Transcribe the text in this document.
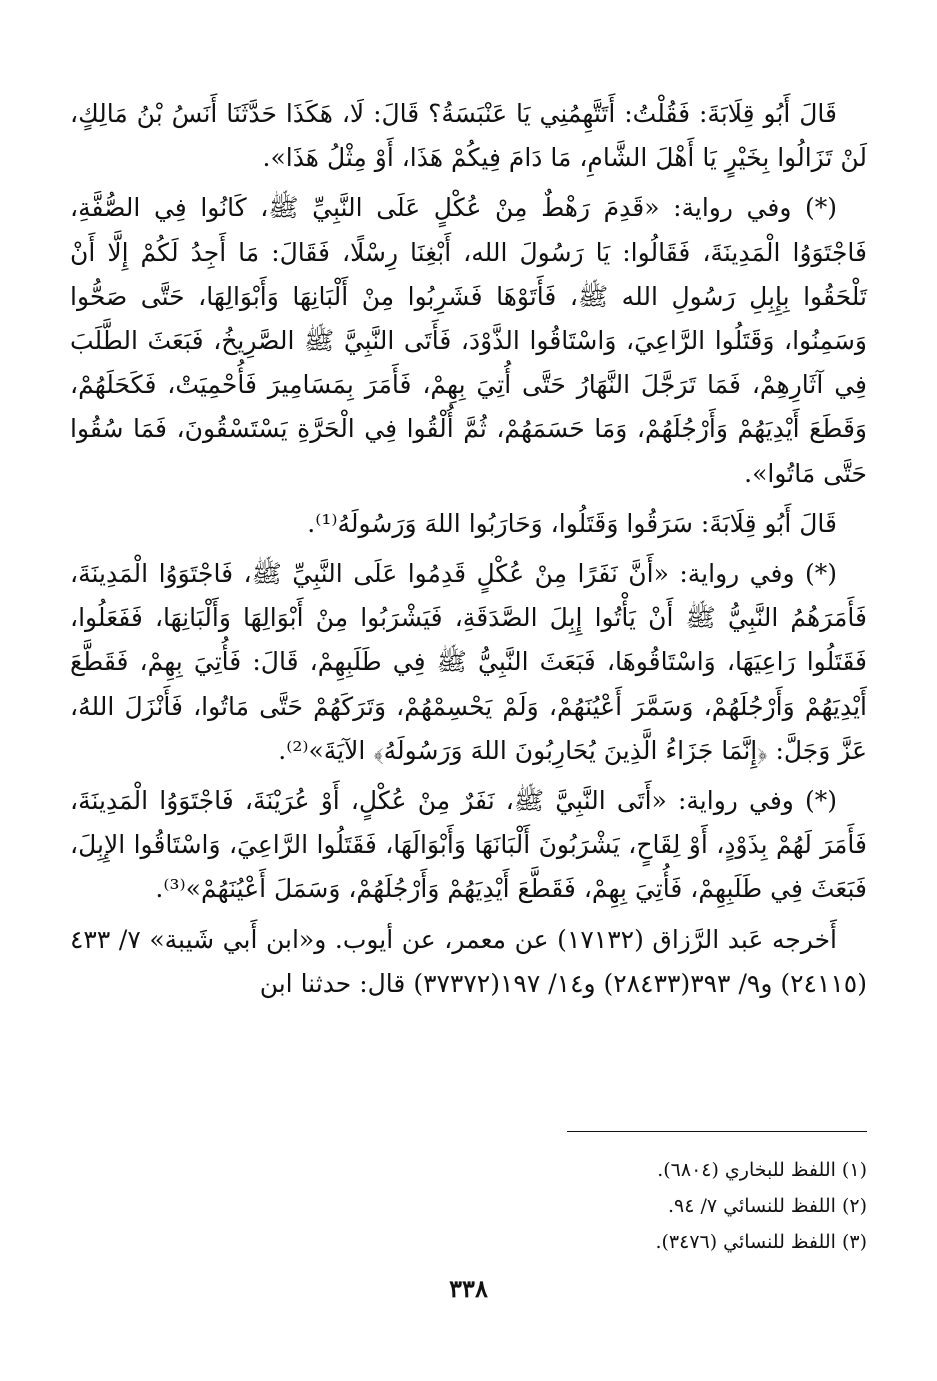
قَالَ أَبُو قِلَابَةَ: فَقُلْتُ: أَتَتَّهِمُنِي يَا عَنْبَسَةُ؟ قَالَ: لَا، هَكَذَا حَدَّثَنَا أَنَسُ بْنُ مَالِكٍ، لَنْ تَزَالُوا بِخَيْرٍ يَا أَهْلَ الشَّامِ، مَا دَامَ فِيكُمْ هَذَا، أَوْ مِثْلُ هَذَا».

(*) وفي رواية: «قَدِمَ رَهْطٌ مِنْ عُكْلٍ عَلَى النَّبِيِّ ﷺ، كَانُوا فِي الصُّفَّةِ، فَاجْتَوَوُا الْمَدِينَةَ، فَقَالُوا: يَا رَسُولَ الله، أَبْغِنَا رِسْلًا، فَقَالَ: مَا أَجِدُ لَكُمْ إِلَّا أَنْ تَلْحَقُوا بِإِبِلِ رَسُولِ الله ﷺ، فَأَتَوْهَا فَشَرِبُوا مِنْ أَلْبَانِهَا وَأَبْوَالِهَا، حَتَّى صَحُّوا وَسَمِنُوا، وَقَتَلُوا الرَّاعِيَ، وَاسْتَاقُوا الذَّوْدَ، فَأَتَى النَّبِيَّ ﷺ الصَّرِيخُ، فَبَعَثَ الطَّلَبَ فِي آثَارِهِمْ، فَمَا تَرَجَّلَ النَّهَارُ حَتَّى أُتِيَ بِهِمْ، فَأَمَرَ بِمَسَامِيرَ فَأُحْمِيَتْ، فَكَحَلَهُمْ، وَقَطَعَ أَيْدِيَهُمْ وَأَرْجُلَهُمْ، وَمَا حَسَمَهُمْ، ثُمَّ أُلْقُوا فِي الْحَرَّةِ يَسْتَسْقُونَ، فَمَا سُقُوا حَتَّى مَاتُوا».

قَالَ أَبُو قِلَابَةَ: سَرَقُوا وَقَتَلُوا، وَحَارَبُوا اللهَ وَرَسُولَهُ⁽¹⁾.

(*) وفي رواية: «أَنَّ نَفَرًا مِنْ عُكْلٍ قَدِمُوا عَلَى النَّبِيِّ ﷺ، فَاجْتَوَوُا الْمَدِينَةَ، فَأَمَرَهُمُ النَّبِيُّ ﷺ أَنْ يَأْتُوا إِبِلَ الصَّدَقَةِ، فَيَشْرَبُوا مِنْ أَبْوَالِهَا وَأَلْبَانِهَا، فَفَعَلُوا، فَقَتَلُوا رَاعِيَهَا، وَاسْتَاقُوهَا، فَبَعَثَ النَّبِيُّ ﷺ فِي طَلَبِهِمْ، قَالَ: فَأُتِيَ بِهِمْ، فَقَطَّعَ أَيْدِيَهُمْ وَأَرْجُلَهُمْ، وَسَمَّرَ أَعْيُنَهُمْ، وَلَمْ يَحْسِمْهُمْ، وَتَرَكَهُمْ حَتَّى مَاتُوا، فَأَنْزَلَ اللهُ، عَزَّ وَجَلَّ: ﴿إِنَّمَا جَزَاءُ الَّذِينَ يُحَارِبُونَ اللهَ وَرَسُولَهُ﴾ الآيَةَ»⁽²⁾.

(*) وفي رواية: «أَتَى النَّبِيَّ ﷺ، نَفَرٌ مِنْ عُكْلٍ، أَوْ عُرَيْنَةَ، فَاجْتَوَوُا الْمَدِينَةَ، فَأَمَرَ لَهُمْ بِذَوْدٍ، أَوْ لِقَاحٍ، يَشْرَبُونَ أَلْبَانَهَا وَأَبْوَالَهَا، فَقَتَلُوا الرَّاعِيَ، وَاسْتَاقُوا الإِبِلَ، فَبَعَثَ فِي طَلَبِهِمْ، فَأُتِيَ بِهِمْ، فَقَطَّعَ أَيْدِيَهُمْ وَأَرْجُلَهُمْ، وَسَمَلَ أَعْيُنَهُمْ»⁽³⁾.

أَخرجه عَبد الرَّزاق (١٧١٣٢) عن معمر، عن أيوب. و«ابن أَبي شَيبة» ٧/ ٤٣٣ (٢٤١١٥) و٩/ ٣٩٣(٢٨٤٣٣) و١٤/ ١٩٧(٣٧٣٧٢) قال: حدثنا ابن

(١) اللفظ للبخاري (٦٨٠٤).

(٢) اللفظ للنسائي ٧/ ٩٤.

(٣) اللفظ للنسائي (٣٤٧٦).

٣٣٨
